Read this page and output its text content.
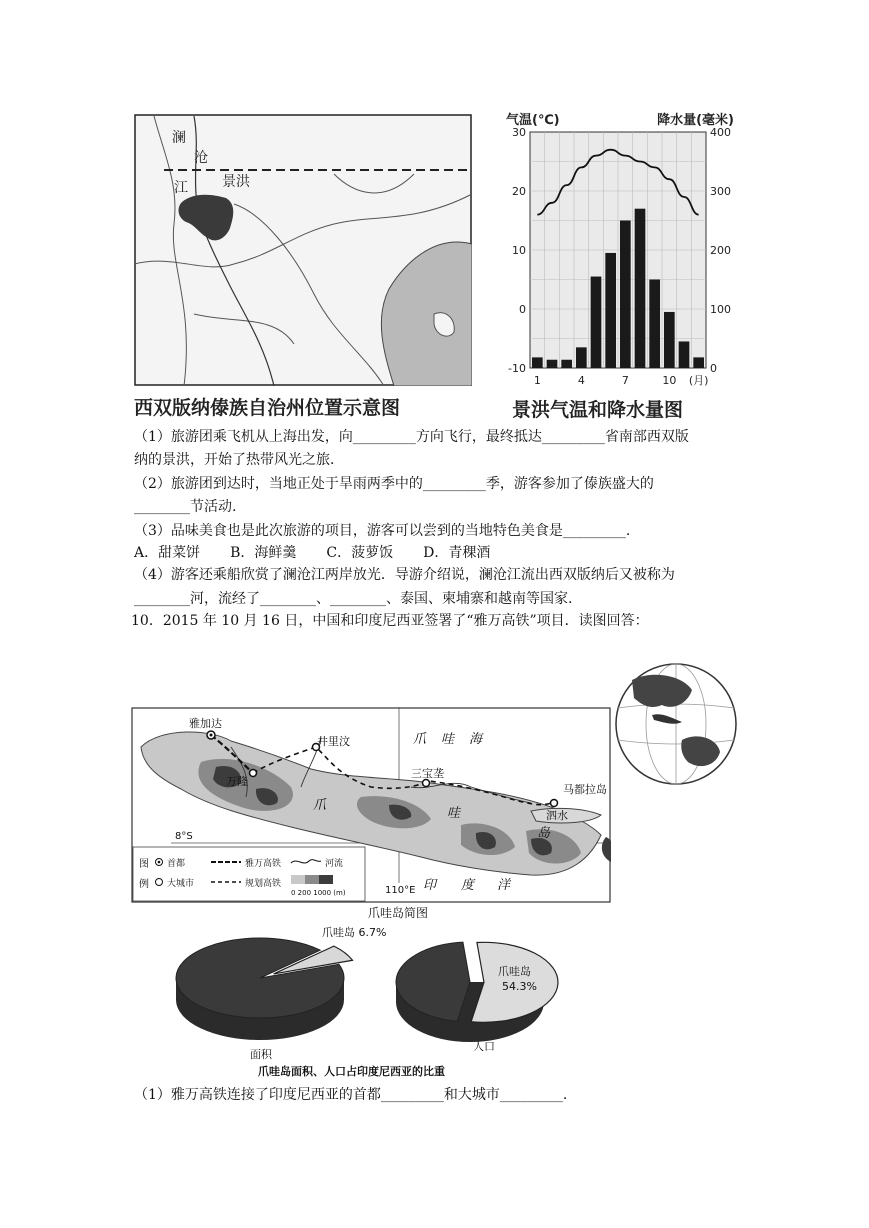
澜
沧
江 景洪
西双版纳傣族自治州位置示意图
气温(℃)	降水量(毫米)
30
20
10
0
-10
400
300
200
100
0
1	4	7	10 (月)
景洪气温和降水量图
（1）旅游团乘飞机从上海出发，向_________方向飞行，最终抵达_________省南部西双版
纳的景洪，开始了热带风光之旅.
（2）旅游团到达时，当地正处于旱雨两季中的_________季，游客参加了傣族盛大的
________节活动.
（3）品味美食也是此次旅游的项目，游客可以尝到的当地特色美食是_________.
A．甜菜饼 B．海鲜羹 C．菠萝饭 D．青稞酒
（4）游客还乘船欣赏了澜沧江两岸放光．导游介绍说，澜沧江流出西双版纳后又被称为
________河，流经了________、________、泰国、柬埔寨和越南等国家.
10．2015 年 10 月 16 日，中国和印度尼西亚签署了“雅万高铁”项目．读图回答：
雅加达
井里汶
万隆
三宝垄
泗水
马都拉岛
8°S
110°E
爪 哇 海
爪
哇
岛
印 度 洋
图
例
首都
大城市
雅万高铁
规划高铁
河流
0 200 1000 (m)
爪哇岛简图
爪哇岛 6.7%
爪哇岛
54.3%
面积
人口
爪哇岛面积、人口占印度尼西亚的比重
（1）雅万高铁连接了印度尼西亚的首都_________和大城市_________.
